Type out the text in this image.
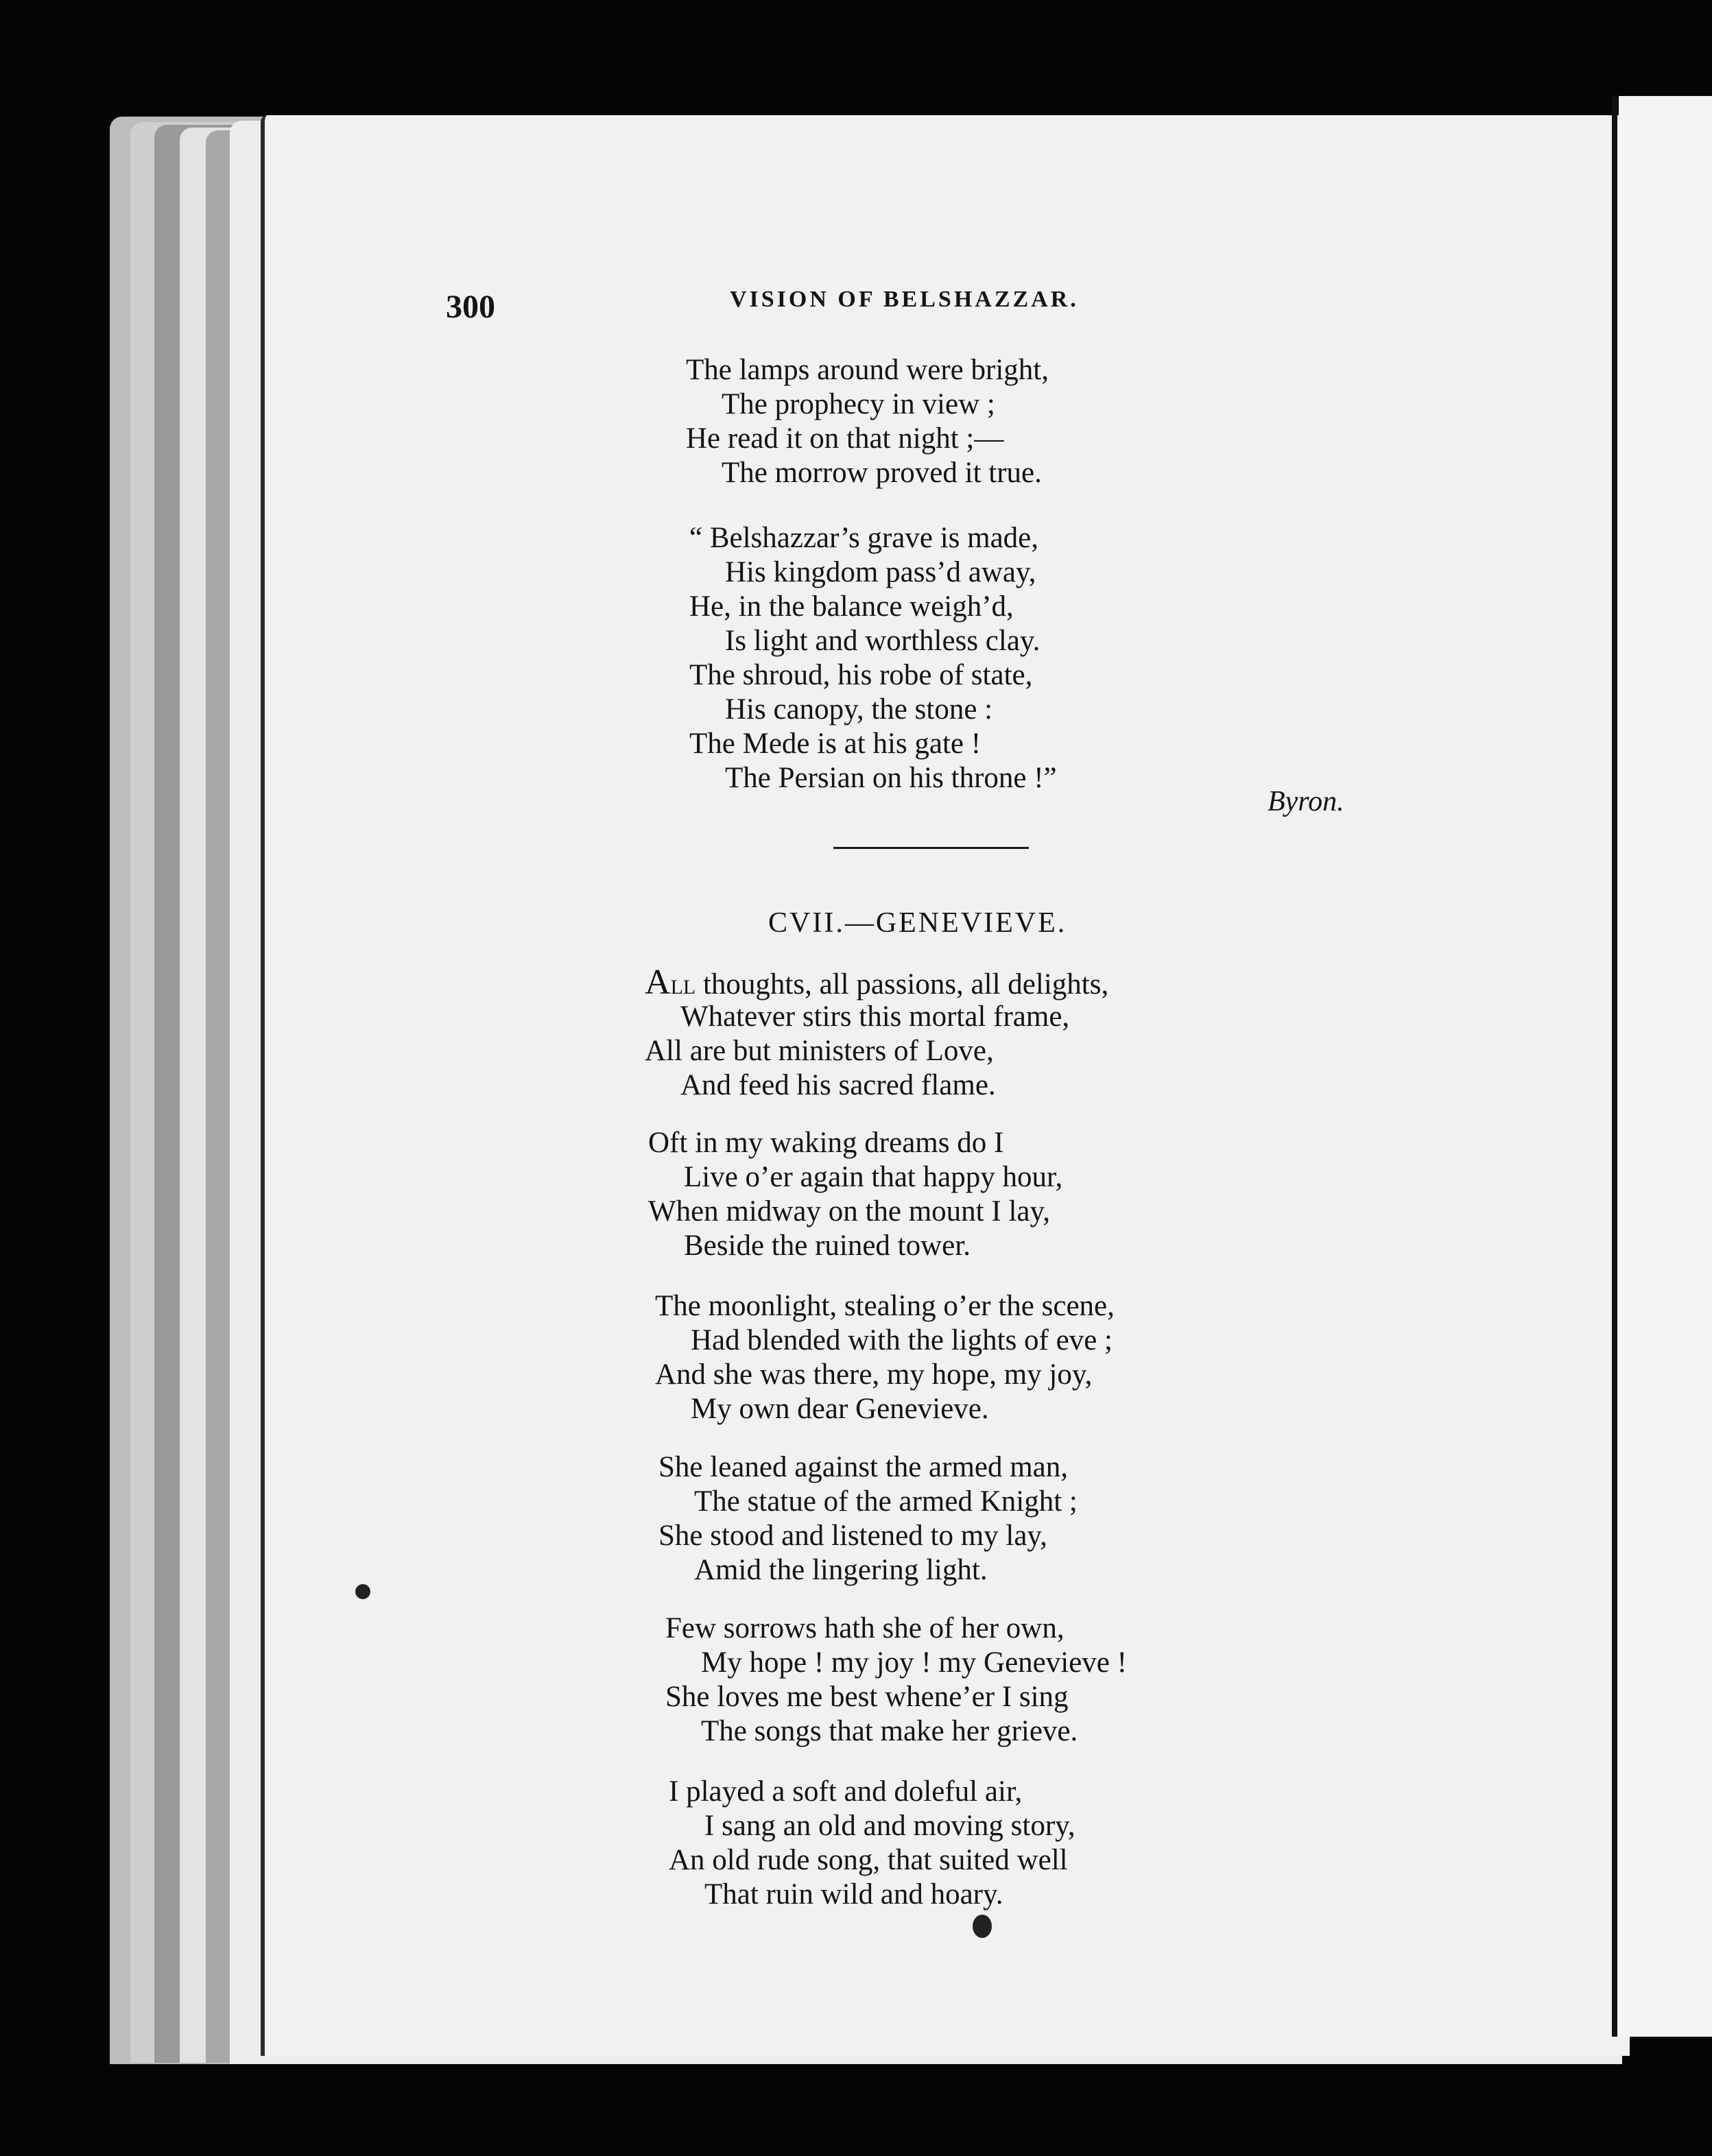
300	VISION OF BELSHAZZAR.
The lamps around were bright,
The prophecy in view ;
He read it on that night ;—
The morrow proved it true.
“ Belshazzar’s grave is made,
His kingdom pass’d away,
He, in the balance weigh’d,
Is light and worthless clay.
The shroud, his robe of state,
His canopy, the stone :
The Mede is at his gate !
The Persian on his throne !”
Byron.
CVII.—GENEVIEVE.
All thoughts, all passions, all delights,
Whatever stirs this mortal frame,
All are but ministers of Love,
And feed his sacred flame.
Oft in my waking dreams do I
Live o’er again that happy hour,
When midway on the mount I lay,
Beside the ruined tower.
The moonlight, stealing o’er the scene,
Had blended with the lights of eve ;
And she was there, my hope, my joy,
My own dear Genevieve.
She leaned against the armed man,
The statue of the armed Knight ;
She stood and listened to my lay,
Amid the lingering light.
Few sorrows hath she of her own,
My hope ! my joy ! my Genevieve !
She loves me best whene’er I sing
The songs that make her grieve.
I played a soft and doleful air,
I sang an old and moving story,
An old rude song, that suited well
That ruin wild and hoary.
